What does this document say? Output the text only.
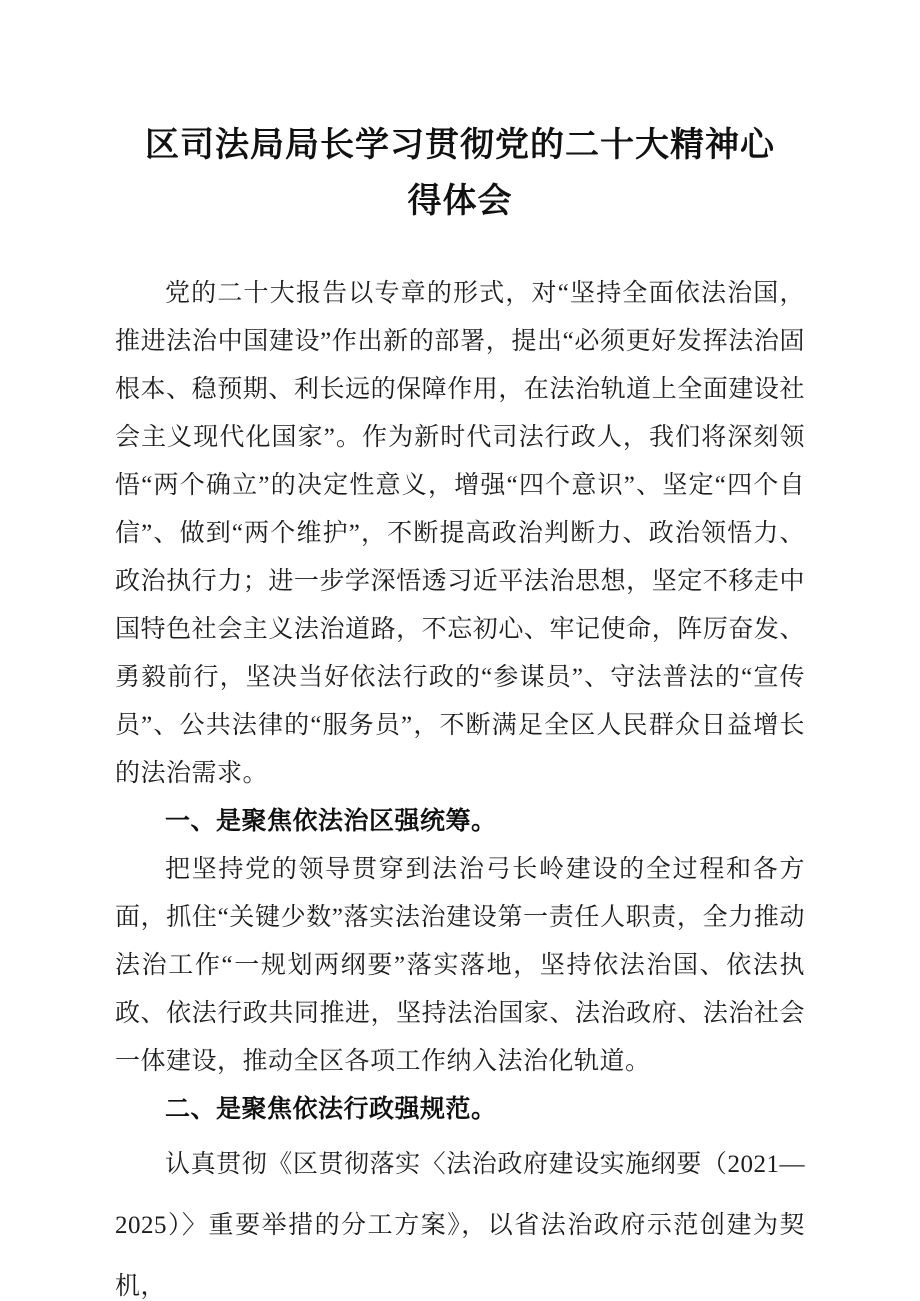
区司法局局长学习贯彻党的二十大精神心得体会

党的二十大报告以专章的形式，对“坚持全面依法治国，推进法治中国建设”作出新的部署，提出“必须更好发挥法治固根本、稳预期、利长远的保障作用，在法治轨道上全面建设社会主义现代化国家”。作为新时代司法行政人，我们将深刻领悟“两个确立”的决定性意义，增强“四个意识”、坚定“四个自信”、做到“两个维护”，不断提高政治判断力、政治领悟力、政治执行力；进一步学深悟透习近平法治思想，坚定不移走中国特色社会主义法治道路，不忘初心、牢记使命，阵厉奋发、勇毅前行，坚决当好依法行政的“参谋员”、守法普法的“宣传员”、公共法律的“服务员”，不断满足全区人民群众日益增长的法治需求。

一、是聚焦依法治区强统筹。

把坚持党的领导贯穿到法治弓长岭建设的全过程和各方面，抓住“关键少数”落实法治建设第一责任人职责，全力推动法治工作“一规划两纲要”落实落地，坚持依法治国、依法执政、依法行政共同推进，坚持法治国家、法治政府、法治社会一体建设，推动全区各项工作纳入法治化轨道。

二、是聚焦依法行政强规范。

认真贯彻《区贯彻落实〈法治政府建设实施纲要（2021—2025）〉重要举措的分工方案》，以省法治政府示范创建为契机，
